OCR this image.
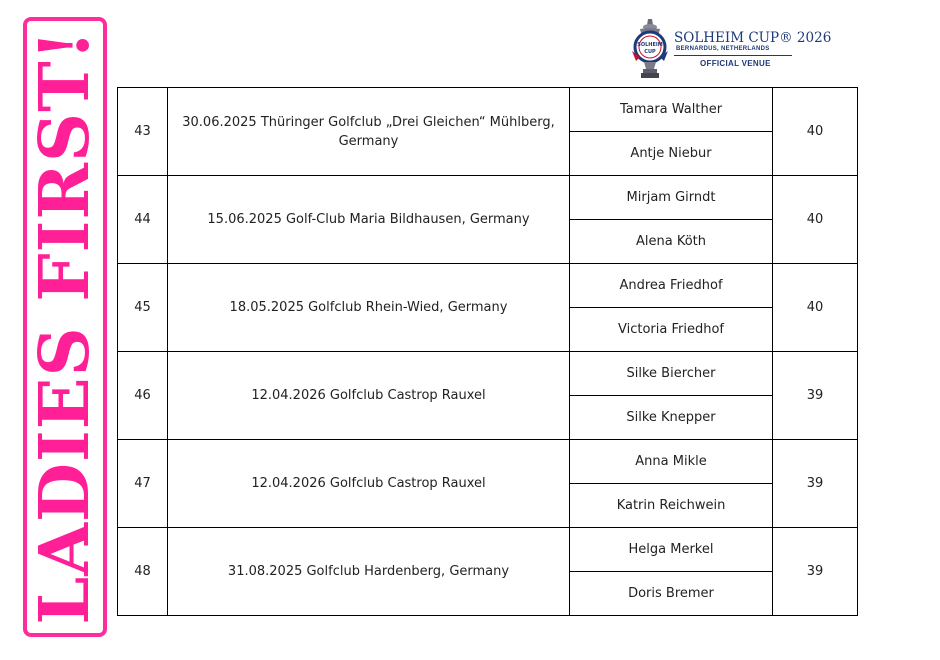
LADIES FIRST!	SOLHEIM
CUP
SOLHEIM CUP® 2026
BERNARDUS, NETHERLANDS
OFFICIAL VENUE
43	30.06.2025 Thüringer Golfclub „Drei Gleichen“ Mühlberg, Germany	Tamara Walther	40
		Antje Niebur	
44	15.06.2025 Golf-Club Maria Bildhausen, Germany	Mirjam Girndt	40
		Alena Köth	
45	18.05.2025 Golfclub Rhein-Wied, Germany	Andrea Friedhof	40
		Victoria Friedhof	
46	12.04.2026 Golfclub Castrop Rauxel	Silke Biercher	39
		Silke Knepper	
47	12.04.2026 Golfclub Castrop Rauxel	Anna Mikle	39
		Katrin Reichwein	
48	31.08.2025 Golfclub Hardenberg, Germany	Helga Merkel	39
		Doris Bremer	
